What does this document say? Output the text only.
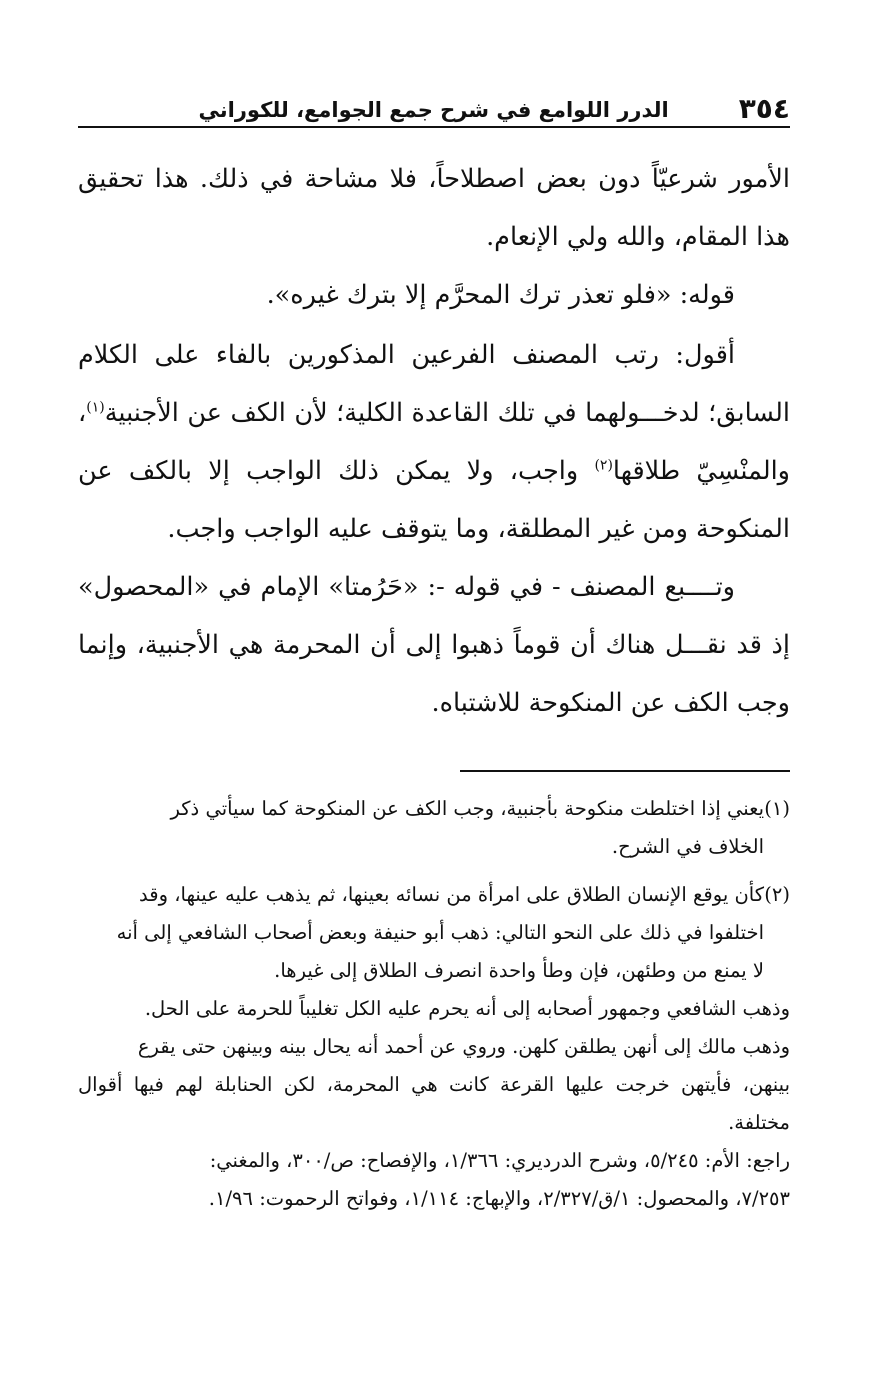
٣٥٤
الدرر اللوامع في شرح جمع الجوامع، للكوراني

الأمور شرعيّاً دون بعض اصطلاحاً، فلا مشاحة في ذلك. هذا تحقيق هذا المقام، والله ولي الإنعام.

قوله: «فلو تعذر ترك المحرَّم إلا بترك غيره».

أقول: رتب المصنف الفرعين المذكورين بالفاء على الكلام السابق؛ لدخـــولهما في تلك القاعدة الكلية؛ لأن الكف عن الأجنبية$^{(١)}$، والمنْسِيّ طلاقها$^{(٢)}$ واجب، ولا يمكن ذلك الواجب إلا بالكف عن المنكوحة ومن غير المطلقة، وما يتوقف عليه الواجب واجب.

وتــــبع المصنف - في قوله -: «حَرُمتا» الإمام في «المحصول» إذ قد نقـــل هناك أن قوماً ذهبوا إلى أن المحرمة هي الأجنبية، وإنما وجب الكف عن المنكوحة للاشتباه.

(١)يعني إذا اختلطت منكوحة بأجنبية، وجب الكف عن المنكوحة كما سيأتي ذكر
الخلاف في الشرح.
(٢)كأن يوقع الإنسان الطلاق على امرأة من نسائه بعينها، ثم يذهب عليه عينها، وقد
اختلفوا في ذلك على النحو التالي: ذهب أبو حنيفة وبعض أصحاب الشافعي إلى أنه
لا يمنع من وطئهن، فإن وطأ واحدة انصرف الطلاق إلى غيرها.
وذهب الشافعي وجمهور أصحابه إلى أنه يحرم عليه الكل تغليباً للحرمة على الحل.
وذهب مالك إلى أنهن يطلقن كلهن. وروي عن أحمد أنه يحال بينه وبينهن حتى يقرع
بينهن، فأيتهن خرجت عليها القرعة كانت هي المحرمة، لكن الحنابلة لهم فيها أقوال مختلفة.
راجع: الأم: ٥/٢٤٥، وشرح الدرديري: ١/٣٦٦، والإفصاح: ص/٣٠٠، والمغني:
٧/٢٥٣، والمحصول: ١/ق/٢/٣٢٧، والإبهاج: ١/١١٤، وفواتح الرحموت: ١/٩٦.
